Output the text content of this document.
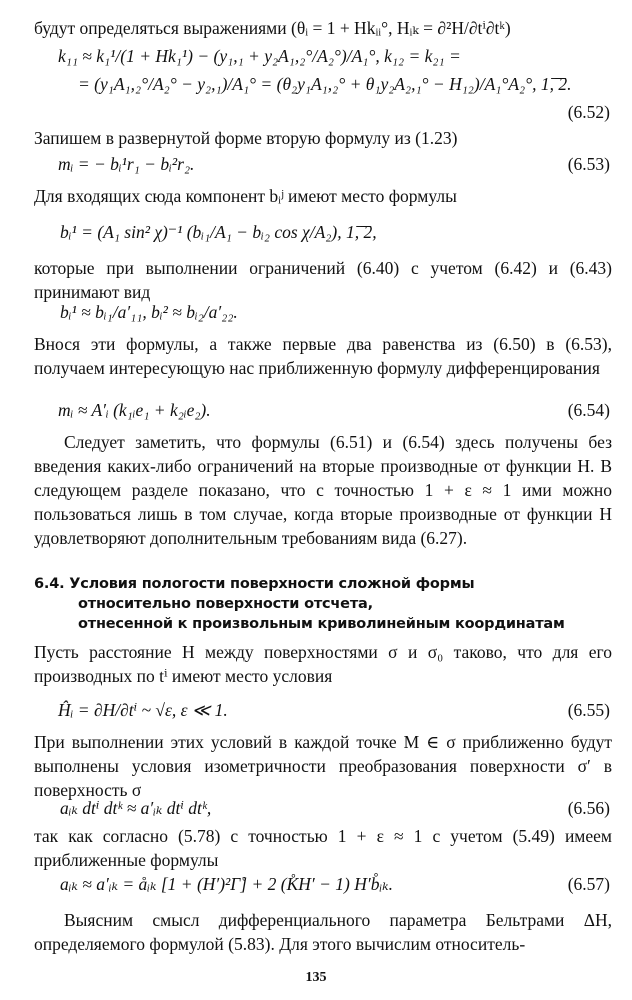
будут определяться выражениями (θᵢ = 1 + Hkᵢᵢ°, Hᵢₖ = ∂²H/∂tⁱ∂tᵏ)
k₁₁ ≈ k₁¹/(1 + Hk₁¹) − (y₁,₁ + y₂A₁,₂°/A₂°)/A₁°, k₁₂ = k₂₁ =
= (y₁A₁,₂°/A₂° − y₂,₁)/A₁° = (θ₂y₁A₁,₂° + θ₁y₂A₂,₁° − H₁₂)/A₁°A₂°, 1͞,͞ 2.
(6.52)
Запишем в развернутой форме вторую формулу из (1.23)
mᵢ = − bᵢ¹r₁ − bᵢ²r₂.	(6.53)
Для входящих сюда компонент bᵢʲ имеют место формулы
bᵢ¹ = (A₁ sin² χ)⁻¹ (bᵢ₁/A₁ − bᵢ₂ cos χ/A₂), 1͞,͞ 2,
которые при выполнении ограничений (6.40) с учетом (6.42) и (6.43) принимают вид
bᵢ¹ ≈ bᵢ₁/a′₁₁, bᵢ² ≈ bᵢ₂/a′₂₂.
Внося эти формулы, а также первые два равенства из (6.50) в (6.53), получаем интересующую нас приближенную формулу дифференцирования
mᵢ ≈ A′ᵢ (k₁ᵢe₁ + k₂ᵢe₂).	(6.54)
Следует заметить, что формулы (6.51) и (6.54) здесь получены без введения каких-либо ограничений на вторые производные от функции H. В следующем разделе показано, что с точностью 1 + ε ≈ 1 ими можно пользоваться лишь в том случае, когда вторые производные от функции H удовлетворяют дополнительным требованиям вида (6.27).
6.4. Условия пологости поверхности сложной формы
относительно поверхности отсчета,
отнесенной к произвольным криволинейным координатам
Пусть расстояние H между поверхностями σ и σ₀ таково, что для его производных по tⁱ имеют место условия
Ĥᵢ = ∂H/∂tⁱ ~ √ε, ε ≪ 1.	(6.55)
При выполнении этих условий в каждой точке M ∈ σ приближенно будут выполнены условия изометричности преобразования поверхности σ′ в поверхность σ
aᵢₖ dtⁱ dtᵏ ≈ a′ᵢₖ dtⁱ dtᵏ,	(6.56)
так как согласно (5.78) с точностью 1 + ε ≈ 1 с учетом (5.49) имеем приближенные формулы
aᵢₖ ≈ a′ᵢₖ = åᵢₖ [1 + (H′)²Γ̊] + 2 (K̊H′ − 1) H′b̊ᵢₖ.	(6.57)
Выясним смысл дифференциального параметра Бельтрами ΔH, определяемого формулой (5.83). Для этого вычислим относитель-
135
